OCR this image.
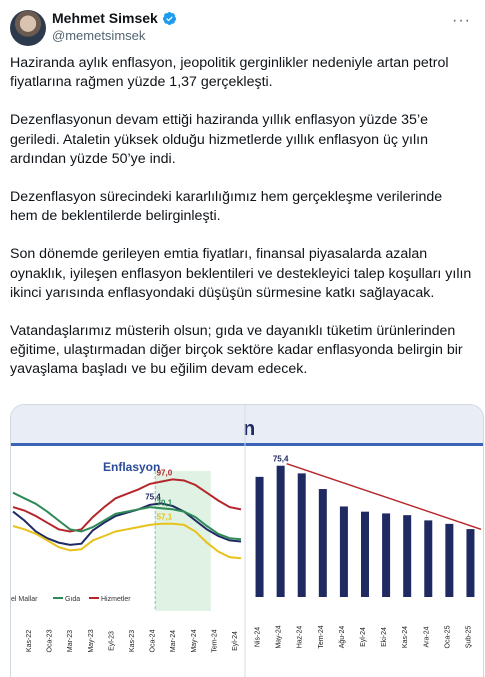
Mehmet Simsek
@memetsimsek
···

Haziranda aylık enflasyon, jeopolitik gerginlikler nedeniyle artan petrol fiyatlarına rağmen yüzde 1,37 gerçekleşti.

Dezenflasyonun devam ettiği haziranda yıllık enflasyon yüzde 35’e geriledi. Ataletin yüksek olduğu hizmetlerde yıllık enflasyon üç yılın ardından yüzde 50’ye indi.

Dezenflasyon sürecindeki kararlılığımız hem gerçekleşme verilerinde hem de beklentilerde belirginleşti.

Son dönemde gerileyen emtia fiyatları, finansal piyasalarda azalan oynaklık, iyileşen enflasyon beklentileri ve destekleyici talep koşulları yılın ikinci yarısında enflasyondaki düşüşün sürmesine katkı sağlayacak.

Vatandaşlarımız müsterih olsun; gıda ve dayanıklı tüketim ürünlerinden eğitime, ulaştırmadan diğer birçok sektöre kadar enflasyonda belirgin bir yavaşlama başladı ve bu eğilim devam edecek.

n
Enflasyon
97,0
75,4
70,1
57,1
el Mallar	Gıda	Hizmetler
Kas-22 Oca-23 Mar-23 May-23 Eyl-23 Kas-23 Oca-24 Mar-24 May-24 Tem-24 Eyl-24 Nis-24 May-24 Haz-24 Tem-24 Ağu-24 Eyl-24 Eki-24 Kas-24 Ara-24 Oca-25 Şub-25
75,4
